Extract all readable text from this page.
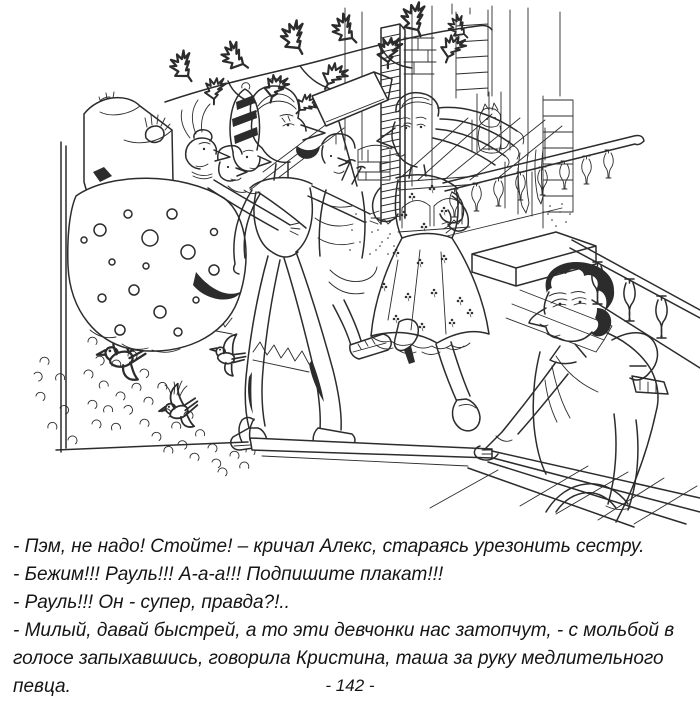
- Пэм, не надо! Стойте! – кричал Алекс, стараясь урезонить сестру.

- Бежим!!! Рауль!!! А-а-а!!! Подпишите плакат!!!

- Рауль!!! Он - супер, правда?!..

- Милый, давай быстрей, а то эти девчонки нас затопчут, - с мольбой в голосе запыхавшись, говорила Кристина, таша за руку медлительного певца.	- 142 -
